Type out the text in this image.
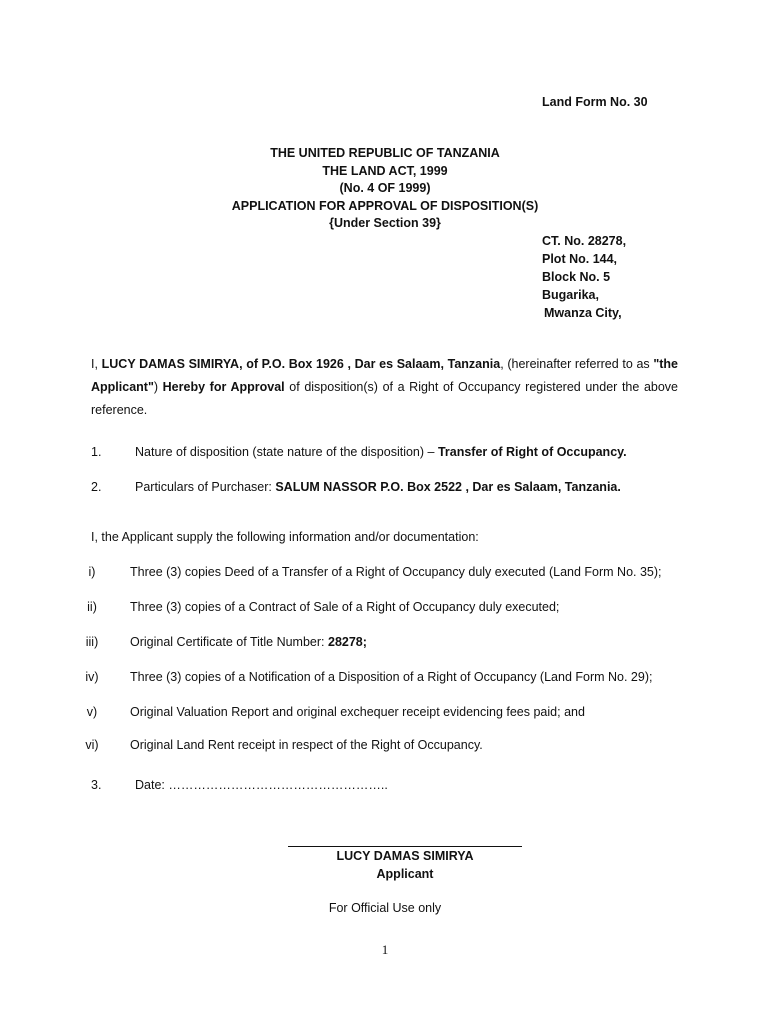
Land Form No. 30
THE UNITED REPUBLIC OF TANZANIA
THE LAND ACT, 1999
(No. 4 OF 1999)
APPLICATION FOR APPROVAL OF DISPOSITION(S)
{Under Section 39}
CT. No. 28278,
Plot No. 144,
Block No. 5
Bugarika,
Mwanza City,
I, LUCY DAMAS SIMIRYA, of P.O. Box 1926 , Dar es Salaam, Tanzania, (hereinafter referred to as "the Applicant") Hereby for Approval of disposition(s) of a Right of Occupancy registered under the above reference.
1.	Nature of disposition (state nature of the disposition) – Transfer of Right of Occupancy.
2.	Particulars of Purchaser: SALUM NASSOR P.O. Box 2522 , Dar es Salaam, Tanzania.
I, the Applicant supply the following information and/or documentation:
i)	Three (3) copies Deed of a Transfer of a Right of Occupancy duly executed (Land Form No. 35);
ii)	Three (3) copies of a Contract of Sale of a Right of Occupancy duly executed;
iii)	Original Certificate of Title Number: 28278;
iv)	Three (3) copies of a Notification of a Disposition of a Right of Occupancy (Land Form No. 29);
v)	Original Valuation Report and original exchequer receipt evidencing fees paid; and
vi)	Original Land Rent receipt in respect of the Right of Occupancy.
3.	Date: ……………………………………………..
LUCY DAMAS SIMIRYA
Applicant
For Official Use only
1
